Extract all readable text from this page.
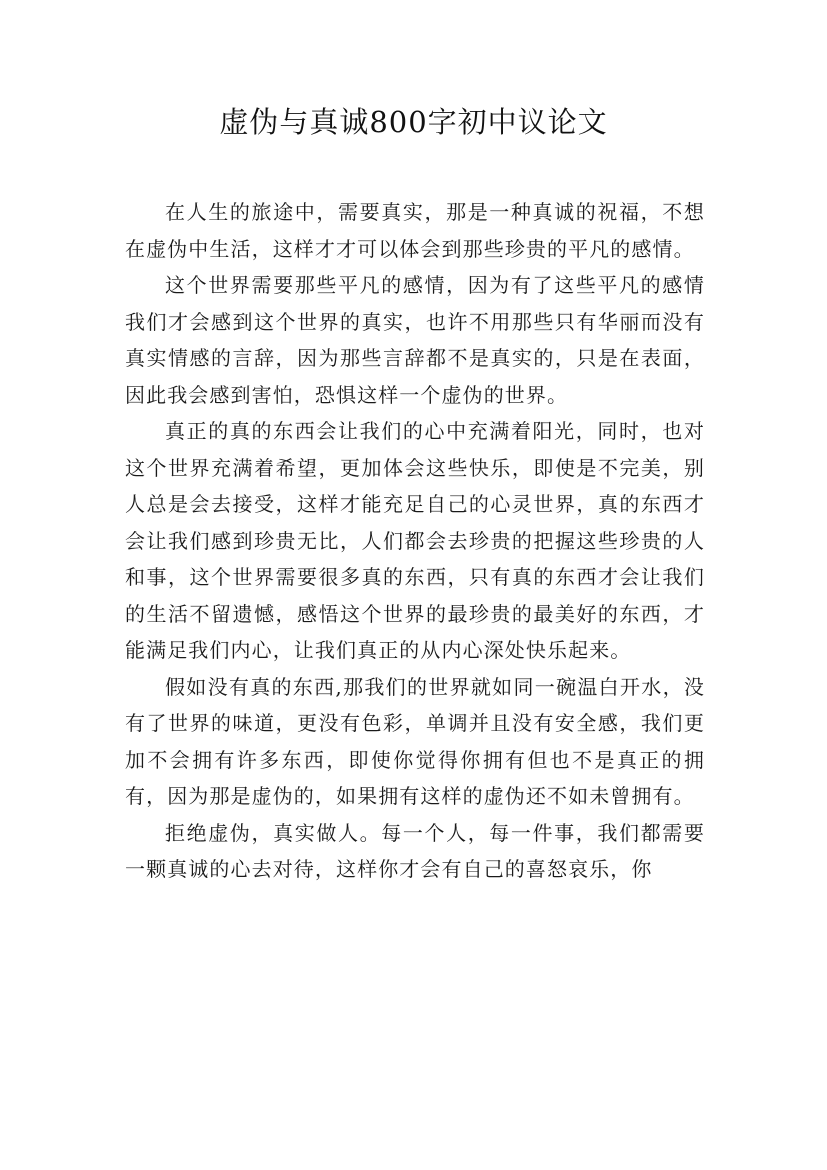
虚伪与真诚800字初中议论文

在人生的旅途中，需要真实，那是一种真诚的祝福，不想在虚伪中生活，这样才才可以体会到那些珍贵的平凡的感情。

这个世界需要那些平凡的感情，因为有了这些平凡的感情我们才会感到这个世界的真实，也许不用那些只有华丽而没有真实情感的言辞，因为那些言辞都不是真实的，只是在表面，因此我会感到害怕，恐惧这样一个虚伪的世界。

真正的真的东西会让我们的心中充满着阳光，同时，也对这个世界充满着希望，更加体会这些快乐，即使是不完美，别人总是会去接受，这样才能充足自己的心灵世界，真的东西才会让我们感到珍贵无比，人们都会去珍贵的把握这些珍贵的人和事，这个世界需要很多真的东西，只有真的东西才会让我们的生活不留遗憾，感悟这个世界的最珍贵的最美好的东西，才能满足我们内心，让我们真正的从内心深处快乐起来。

假如没有真的东西,那我们的世界就如同一碗温白开水，没有了世界的味道，更没有色彩，单调并且没有安全感，我们更加不会拥有许多东西，即使你觉得你拥有但也不是真正的拥有，因为那是虚伪的，如果拥有这样的虚伪还不如未曾拥有。

拒绝虚伪，真实做人。每一个人，每一件事，我们都需要一颗真诚的心去对待，这样你才会有自己的喜怒哀乐，你
